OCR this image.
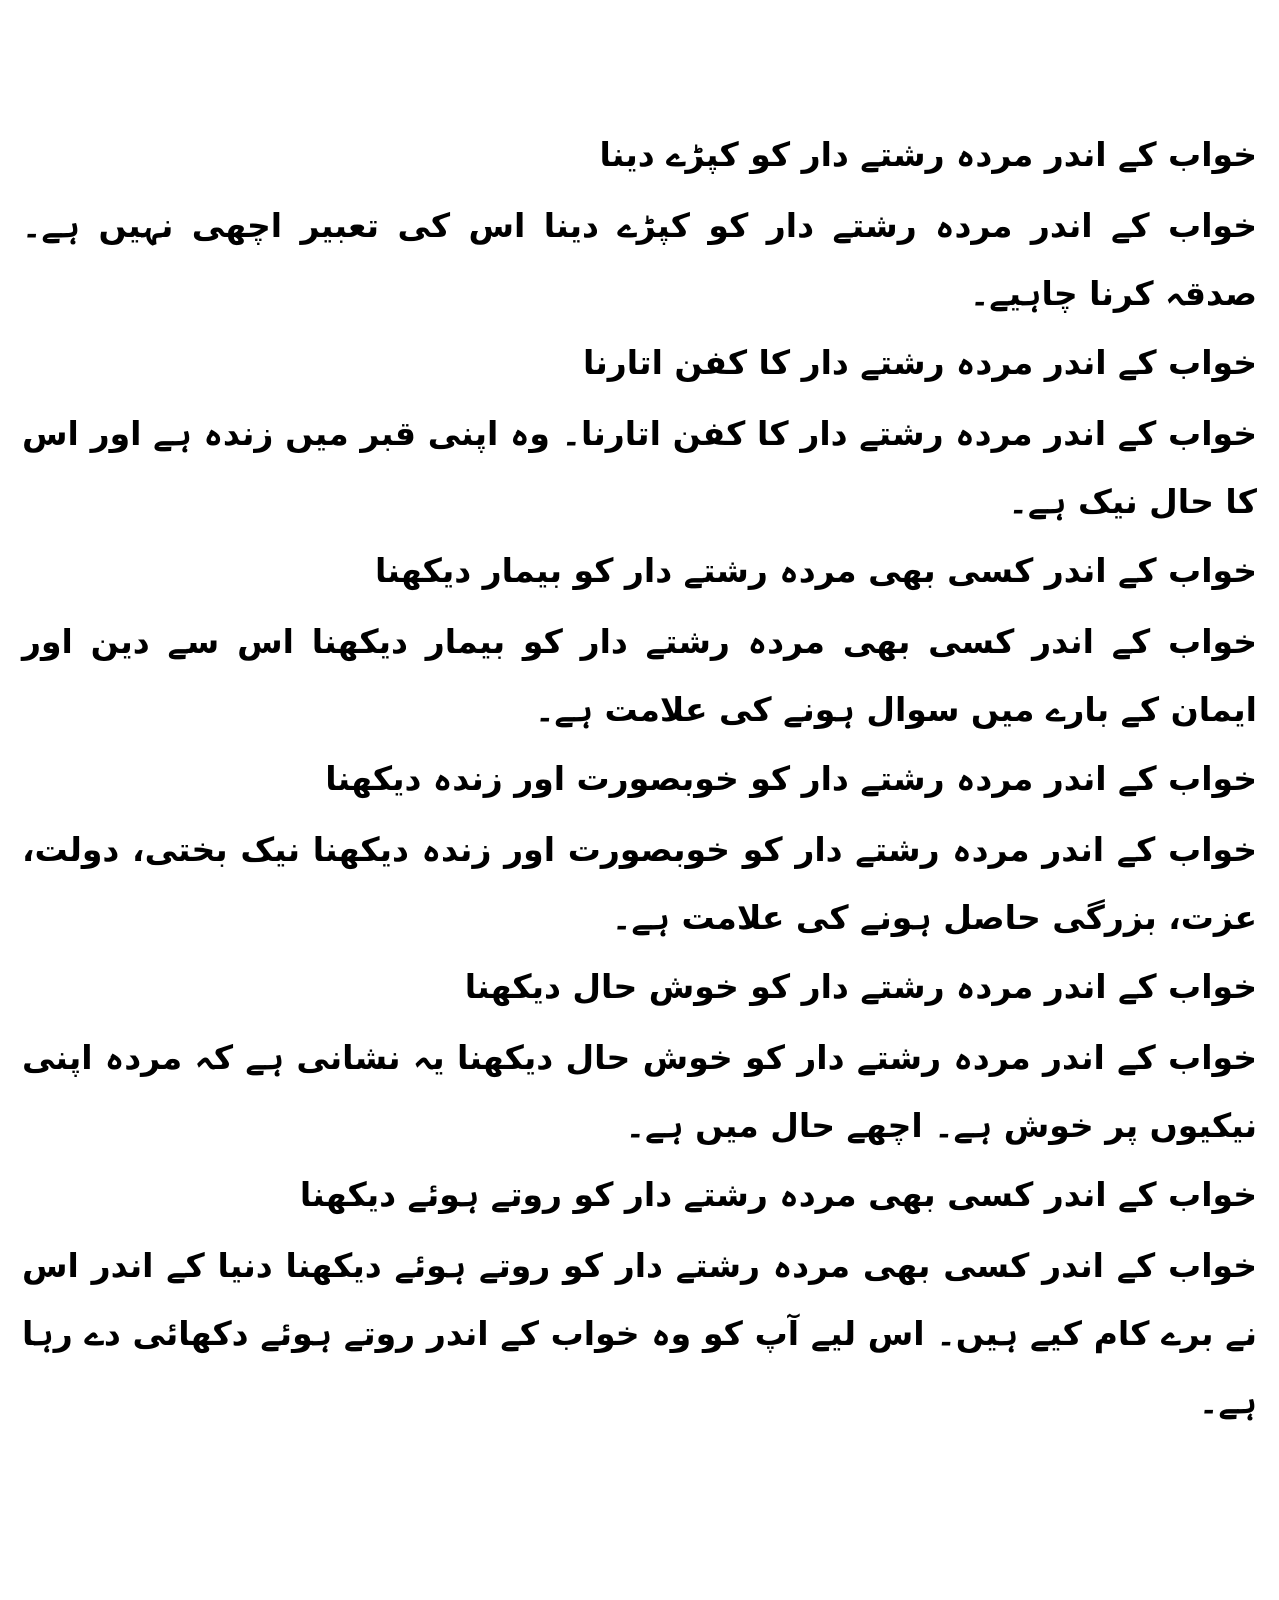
خواب کے اندر مردہ رشتے دار کو کپڑے دینا

خواب کے اندر مردہ رشتے دار کو کپڑے دینا اس کی تعبیر اچھی نہیں ہے۔ صدقہ کرنا چاہیے۔

خواب کے اندر مردہ رشتے دار کا کفن اتارنا

خواب کے اندر مردہ رشتے دار کا کفن اتارنا۔ وہ اپنی قبر میں زندہ ہے اور اس کا حال نیک ہے۔

خواب کے اندر کسی بھی مردہ رشتے دار کو بیمار دیکھنا

خواب کے اندر کسی بھی مردہ رشتے دار کو بیمار دیکھنا اس سے دین اور ایمان کے بارے میں سوال ہونے کی علامت ہے۔

خواب کے اندر مردہ رشتے دار کو خوبصورت اور زندہ دیکھنا

خواب کے اندر مردہ رشتے دار کو خوبصورت اور زندہ دیکھنا نیک بختی، دولت، عزت، بزرگی حاصل ہونے کی علامت ہے۔

خواب کے اندر مردہ رشتے دار کو خوش حال دیکھنا

خواب کے اندر مردہ رشتے دار کو خوش حال دیکھنا یہ نشانی ہے کہ مردہ اپنی نیکیوں پر خوش ہے۔ اچھے حال میں ہے۔

خواب کے اندر کسی بھی مردہ رشتے دار کو روتے ہوئے دیکھنا

خواب کے اندر کسی بھی مردہ رشتے دار کو روتے ہوئے دیکھنا دنیا کے اندر اس نے برے کام کیے ہیں۔ اس لیے آپ کو وہ خواب کے اندر روتے ہوئے دکھائی دے رہا ہے۔
